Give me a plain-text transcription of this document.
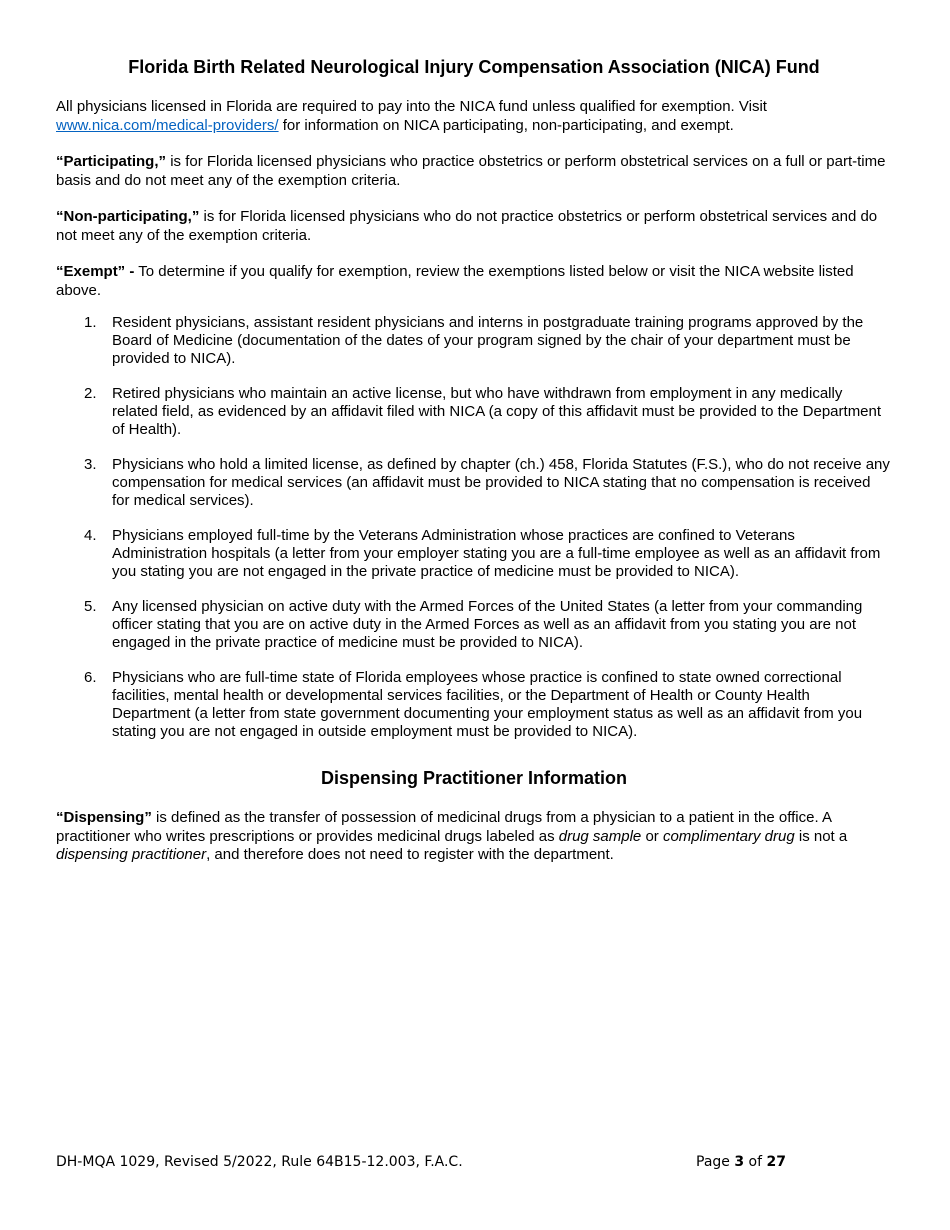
Florida Birth Related Neurological Injury Compensation Association (NICA) Fund

All physicians licensed in Florida are required to pay into the NICA fund unless qualified for exemption. Visit www.nica.com/medical-providers/ for information on NICA participating, non-participating, and exempt.

“Participating,” is for Florida licensed physicians who practice obstetrics or perform obstetrical services on a full or part-time basis and do not meet any of the exemption criteria.

“Non-participating,” is for Florida licensed physicians who do not practice obstetrics or perform obstetrical services and do not meet any of the exemption criteria.

“Exempt” - To determine if you qualify for exemption, review the exemptions listed below or visit the NICA website listed above.

1.	Resident physicians, assistant resident physicians and interns in postgraduate training programs approved by the Board of Medicine (documentation of the dates of your program signed by the chair of your department must be provided to NICA).
2.	Retired physicians who maintain an active license, but who have withdrawn from employment in any medically related field, as evidenced by an affidavit filed with NICA (a copy of this affidavit must be provided to the Department of Health).
3.	Physicians who hold a limited license, as defined by chapter (ch.) 458, Florida Statutes (F.S.), who do not receive any compensation for medical services (an affidavit must be provided to NICA stating that no compensation is received for medical services).
4.	Physicians employed full-time by the Veterans Administration whose practices are confined to Veterans Administration hospitals (a letter from your employer stating you are a full-time employee as well as an affidavit from you stating you are not engaged in the private practice of medicine must be provided to NICA).
5.	Any licensed physician on active duty with the Armed Forces of the United States (a letter from your commanding officer stating that you are on active duty in the Armed Forces as well as an affidavit from you stating you are not engaged in the private practice of medicine must be provided to NICA).
6.	Physicians who are full-time state of Florida employees whose practice is confined to state owned correctional facilities, mental health or developmental services facilities, or the Department of Health or County Health Department (a letter from state government documenting your employment status as well as an affidavit from you stating you are not engaged in outside employment must be provided to NICA).
Dispensing Practitioner Information

“Dispensing” is defined as the transfer of possession of medicinal drugs from a physician to a patient in the office. A practitioner who writes prescriptions or provides medicinal drugs labeled as drug sample or complimentary drug is not a dispensing practitioner, and therefore does not need to register with the department.

DH-MQA 1029, Revised 5/2022, Rule 64B15-12.003, F.A.C.	Page 3 of 27
